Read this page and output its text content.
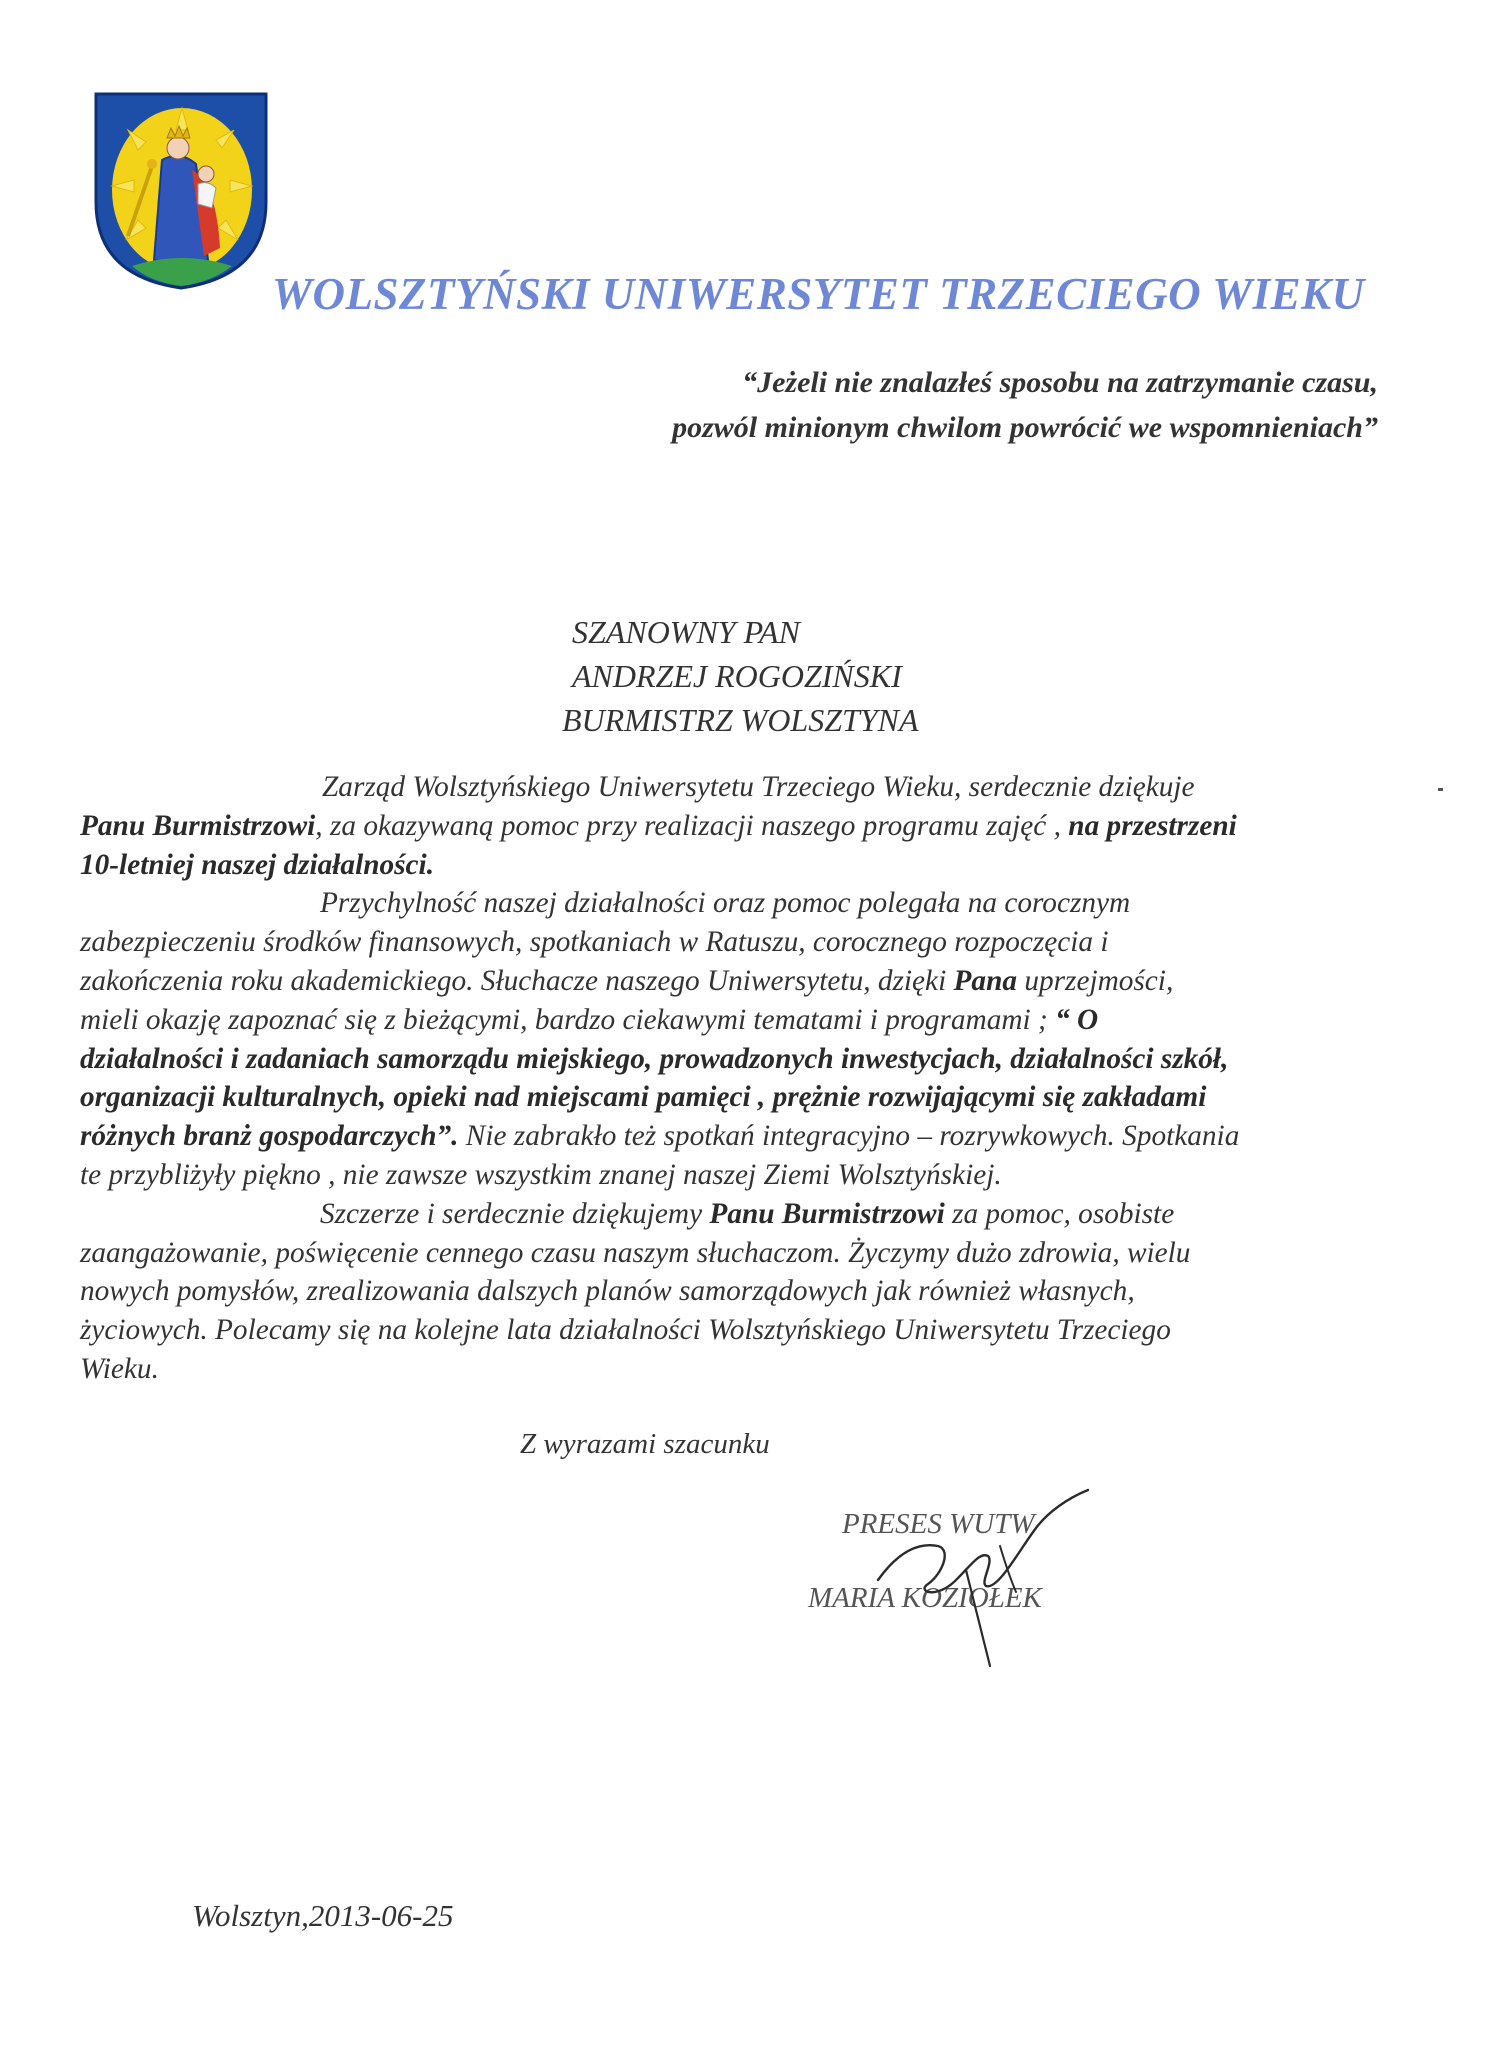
WOLSZTYŃSKI UNIWERSYTET TRZECIEGO WIEKU
“Jeżeli nie znalazłeś sposobu na zatrzymanie czasu,
pozwól minionym chwilom powrócić we wspomnieniach”
SZANOWNY PAN
ANDRZEJ ROGOZIŃSKI
BURMISTRZ WOLSZTYNA
Zarząd Wolsztyńskiego Uniwersytetu Trzeciego Wieku, serdecznie dziękuje
Panu Burmistrzowi, za okazywaną pomoc przy realizacji naszego programu zajęć , na przestrzeni
10-letniej naszej działalności.
Przychylność naszej działalności oraz pomoc polegała na corocznym
zabezpieczeniu środków finansowych, spotkaniach w Ratuszu, corocznego rozpoczęcia i
zakończenia roku akademickiego. Słuchacze naszego Uniwersytetu, dzięki Pana uprzejmości,
mieli okazję zapoznać się z bieżącymi, bardzo ciekawymi tematami i programami ; “ O
działalności i zadaniach samorządu miejskiego, prowadzonych inwestycjach, działalności szkół,
organizacji kulturalnych, opieki nad miejscami pamięci , prężnie rozwijającymi się zakładami
różnych branż gospodarczych”. Nie zabrakło też spotkań integracyjno – rozrywkowych. Spotkania
te przybliżyły piękno , nie zawsze wszystkim znanej naszej Ziemi Wolsztyńskiej.
Szczerze i serdecznie dziękujemy Panu Burmistrzowi za pomoc, osobiste
zaangażowanie, poświęcenie cennego czasu naszym słuchaczom. Życzymy dużo zdrowia, wielu
nowych pomysłów, zrealizowania dalszych planów samorządowych jak również własnych,
życiowych. Polecamy się na kolejne lata działalności Wolsztyńskiego Uniwersytetu Trzeciego
Wieku.
Z wyrazami szacunku
PRESES WUTW
MARIA KOZIOŁEK
Wolsztyn,2013-06-25
